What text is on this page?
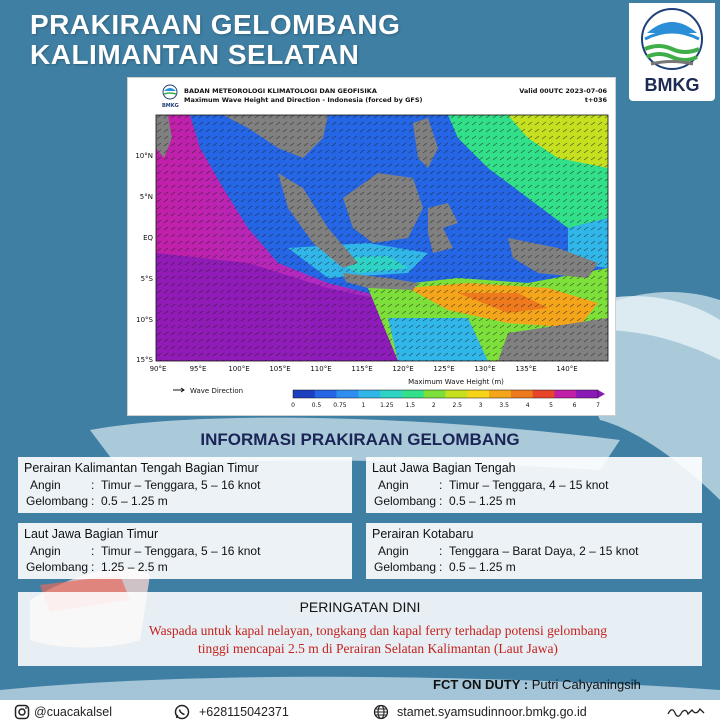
PRAKIRAAN GELOMBANG
KALIMANTAN SELATAN
BMKG
BMKG
10°N
5°N
EQ
5°S
10°S
15°S
90°E	95°E	100°E	105°E	110°E	115°E	120°E	125°E	130°E	135°E	140°E
Wave Direction
Maximum Wave Height (m)
0	0.5 0.75 1 1.25 1.5	2	2.5	3	3.5	4	5	6	7
BADAN METEOROLOGI KLIMATOLOGI DAN GEOFISIKA
Maximum Wave Height and Direction - Indonesia (forced by GFS)
Valid 00UTC 2023-07-06
t+036
INFORMASI PRAKIRAAN GELOMBANG
Perairan Kalimantan Tengah Bagian Timur
Angin	: Timur – Tenggara, 5 – 16 knot
Gelombang : 0.5 – 1.25 m
Laut Jawa Bagian Tengah
Angin	: Timur – Tenggara, 4 – 15 knot
Gelombang : 0.5 – 1.25 m
Laut Jawa Bagian Timur
Angin	: Timur – Tenggara, 5 – 16 knot
Gelombang : 1.25 – 2.5 m
Perairan Kotabaru
Angin	: Tenggara – Barat Daya, 2 – 15 knot
Gelombang : 0.5 – 1.25 m
PERINGATAN DINI
Waspada untuk kapal nelayan, tongkang dan kapal ferry terhadap potensi gelombang
tinggi mencapai 2.5 m di Perairan Selatan Kalimantan (Laut Jawa)
FCT ON DUTY : Putri Cahyaningsih
@cuacakalsel	+628115042371	stamet.syamsudinnoor.bmkg.go.id
